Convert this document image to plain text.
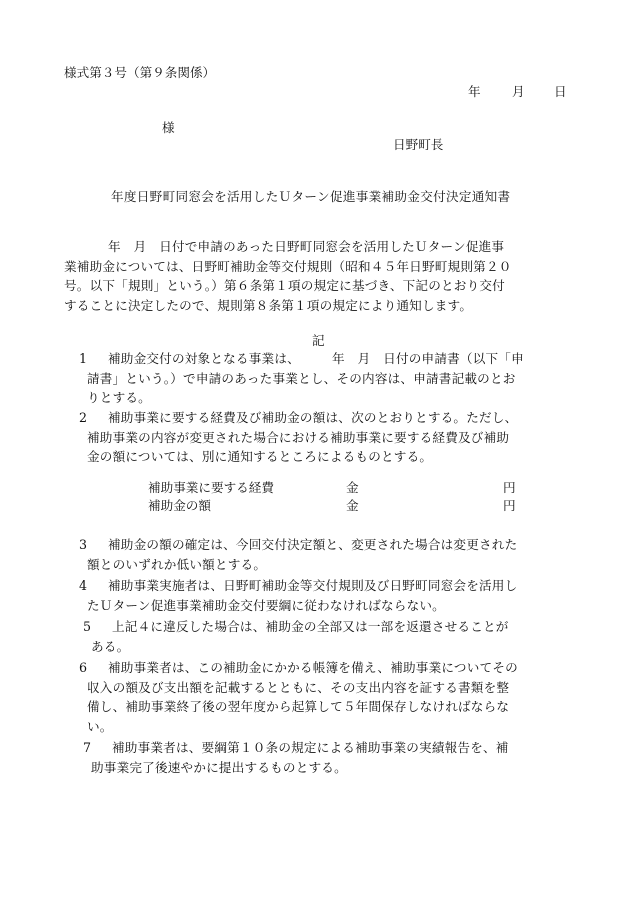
様式第３号（第９条関係）
年 月 日
様
日野町長
年度日野町同窓会を活用したＵターン促進事業補助金交付決定通知書
年　月　日付で申請のあった日野町同窓会を活用したＵターン促進事
業補助金については、日野町補助金等交付規則（昭和４５年日野町規則第２０
号。以下「規則」という。）第６条第１項の規定に基づき、下記のとおり交付
することに決定したので、規則第８条第１項の規定により通知します。
記
1	補助金交付の対象となる事業は、　　　年　月　日付の申請書（以下「申
請書」という。）で申請のあった事業とし、その内容は、申請書記載のとお
りとする。
2	補助事業に要する経費及び補助金の額は、次のとおりとする。ただし、
補助事業の内容が変更された場合における補助事業に要する経費及び補助
金の額については、別に通知するところによるものとする。
補助事業に要する経費	金	円
補助金の額	金	円
3	補助金の額の確定は、今回交付決定額と、変更された場合は変更された
額とのいずれか低い額とする。
4	補助事業実施者は、日野町補助金等交付規則及び日野町同窓会を活用し
たＵターン促進事業補助金交付要綱に従わなければならない。
5	上記４に違反した場合は、補助金の全部又は一部を返還させることが
ある。
6	補助事業者は、この補助金にかかる帳簿を備え、補助事業についてその
収入の額及び支出額を記載するとともに、その支出内容を証する書類を整
備し、補助事業終了後の翌年度から起算して５年間保存しなければならな
い。
7	補助事業者は、要綱第１０条の規定による補助事業の実績報告を、補
助事業完了後速やかに提出するものとする。
